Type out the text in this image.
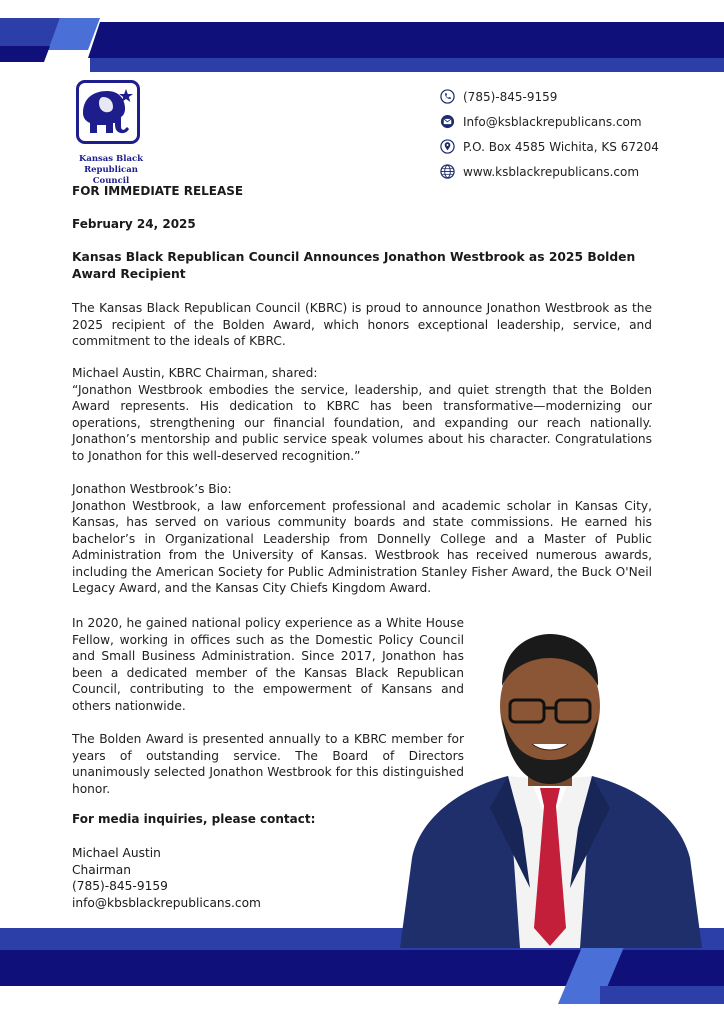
Kansas Black
Republican Council
(785)-845-9159
Info@ksblackrepublicans.com
P.O. Box 4585 Wichita, KS 67204
www.ksblackrepublicans.com
FOR IMMEDIATE RELEASE
February 24, 2025
Kansas Black Republican Council Announces Jonathon Westbrook as 2025 Bolden Award Recipient

The Kansas Black Republican Council (KBRC) is proud to announce Jonathon Westbrook as the 2025 recipient of the Bolden Award, which honors exceptional leadership, service, and commitment to the ideals of KBRC.

Michael Austin, KBRC Chairman, shared:

“Jonathon Westbrook embodies the service, leadership, and quiet strength that the Bolden Award represents. His dedication to KBRC has been transformative—modernizing our operations, strengthening our financial foundation, and expanding our reach nationally. Jonathon’s mentorship and public service speak volumes about his character. Congratulations to Jonathon for this well-deserved recognition.”

Jonathon Westbrook’s Bio:

Jonathon Westbrook, a law enforcement professional and academic scholar in Kansas City, Kansas, has served on various community boards and state commissions. He earned his bachelor’s in Organizational Leadership from Donnelly College and a Master of Public Administration from the University of Kansas. Westbrook has received numerous awards, including the American Society for Public Administration Stanley Fisher Award, the Buck O'Neil Legacy Award, and the Kansas City Chiefs Kingdom Award.

In 2020, he gained national policy experience as a White House Fellow, working in offices such as the Domestic Policy Council and Small Business Administration. Since 2017, Jonathon has been a dedicated member of the Kansas Black Republican Council, contributing to the empowerment of Kansans and others nationwide.

The Bolden Award is presented annually to a KBRC member for years of outstanding service. The Board of Directors unanimously selected Jonathon Westbrook for this distinguished honor.

For media inquiries, please contact:
Michael Austin
Chairman
(785)-845-9159
info@kbsblackrepublicans.com
